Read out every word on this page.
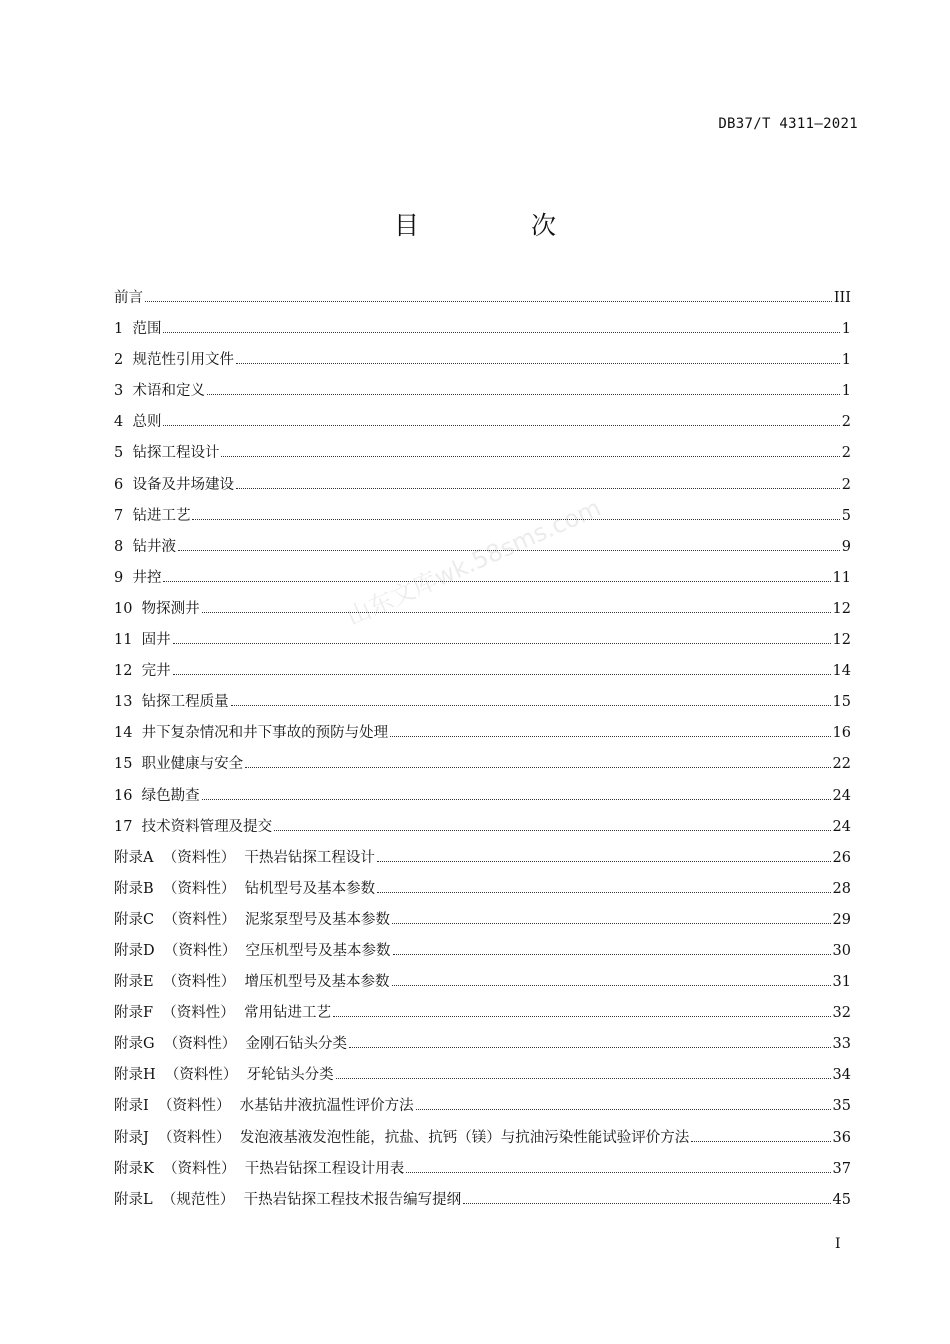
DB37/T 4311—2021
目 次
山东文库wk.58sms.com
前言	III
1  范围	1
2  规范性引用文件	1
3  术语和定义	1
4  总则	2
5  钻探工程设计	2
6  设备及井场建设	2
7  钻进工艺	5
8  钻井液	9
9  井控	11
10  物探测井	12
11  固井	12
12  完井	14
13  钻探工程质量	15
14  井下复杂情况和井下事故的预防与处理	16
15  职业健康与安全	22
16  绿色勘查	24
17  技术资料管理及提交	24
附录A  （资料性）  干热岩钻探工程设计	26
附录B  （资料性）  钻机型号及基本参数	28
附录C  （资料性）  泥浆泵型号及基本参数	29
附录D  （资料性）  空压机型号及基本参数	30
附录E  （资料性）  增压机型号及基本参数	31
附录F  （资料性）  常用钻进工艺	32
附录G  （资料性）  金刚石钻头分类	33
附录H  （资料性）  牙轮钻头分类	34
附录I  （资料性）  水基钻井液抗温性评价方法	35
附录J  （资料性）  发泡液基液发泡性能，抗盐、抗钙（镁）与抗油污染性能试验评价方法	36
附录K  （资料性）  干热岩钻探工程设计用表	37
附录L  （规范性）  干热岩钻探工程技术报告编写提纲	45
I
